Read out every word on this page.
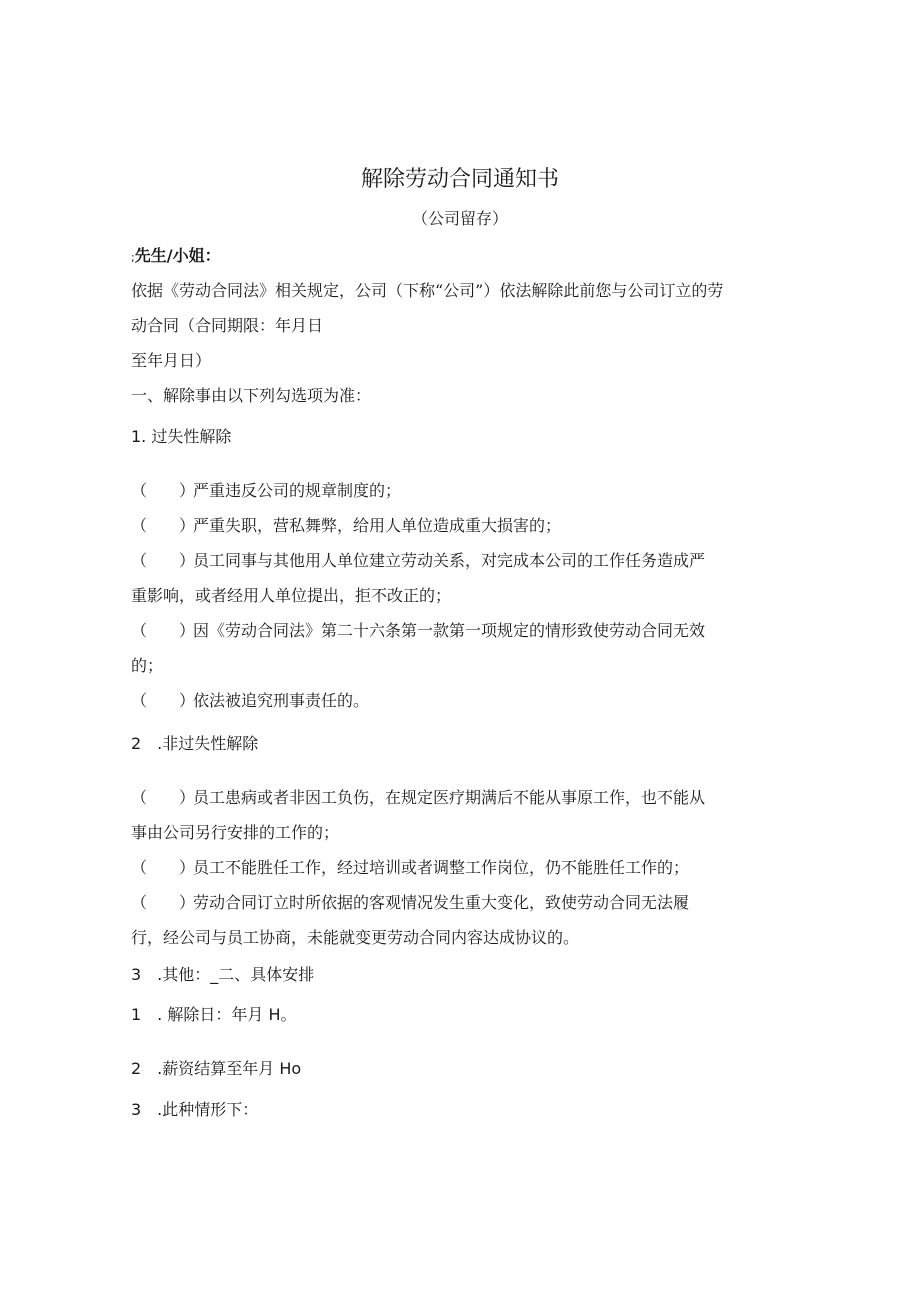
解除劳动合同通知书
（公司留存）
;先生/小姐：
依据《劳动合同法》相关规定，公司（下称“公司”）依法解除此前您与公司订立的劳
动合同（合同期限：年月日
至年月日）
一、解除事由以下列勾选项为准：
1. 过失性解除
（　　 ）严重违反公司的规章制度的；
（　　 ）严重失职，营私舞弊，给用人单位造成重大损害的；
（　　 ）员工同事与其他用人单位建立劳动关系，对完成本公司的工作任务造成严
重影响，或者经用人单位提出，拒不改正的；
（　　 ）因《劳动合同法》第二十六条第一款第一项规定的情形致使劳动合同无效
的；
（　　 ）依法被追究刑事责任的。
2　.非过失性解除
（　　 ）员工患病或者非因工负伤，在规定医疗期满后不能从事原工作，也不能从
事由公司另行安排的工作的；
（　　 ）员工不能胜任工作，经过培训或者调整工作岗位，仍不能胜任工作的；
（　　 ）劳动合同订立时所依据的客观情况发生重大变化，致使劳动合同无法履
行，经公司与员工协商，未能就变更劳动合同内容达成协议的。
3　.其他：_二、具体安排
1　. 解除日：年月 H。
2　.薪资结算至年月 Ho
3　.此种情形下：
